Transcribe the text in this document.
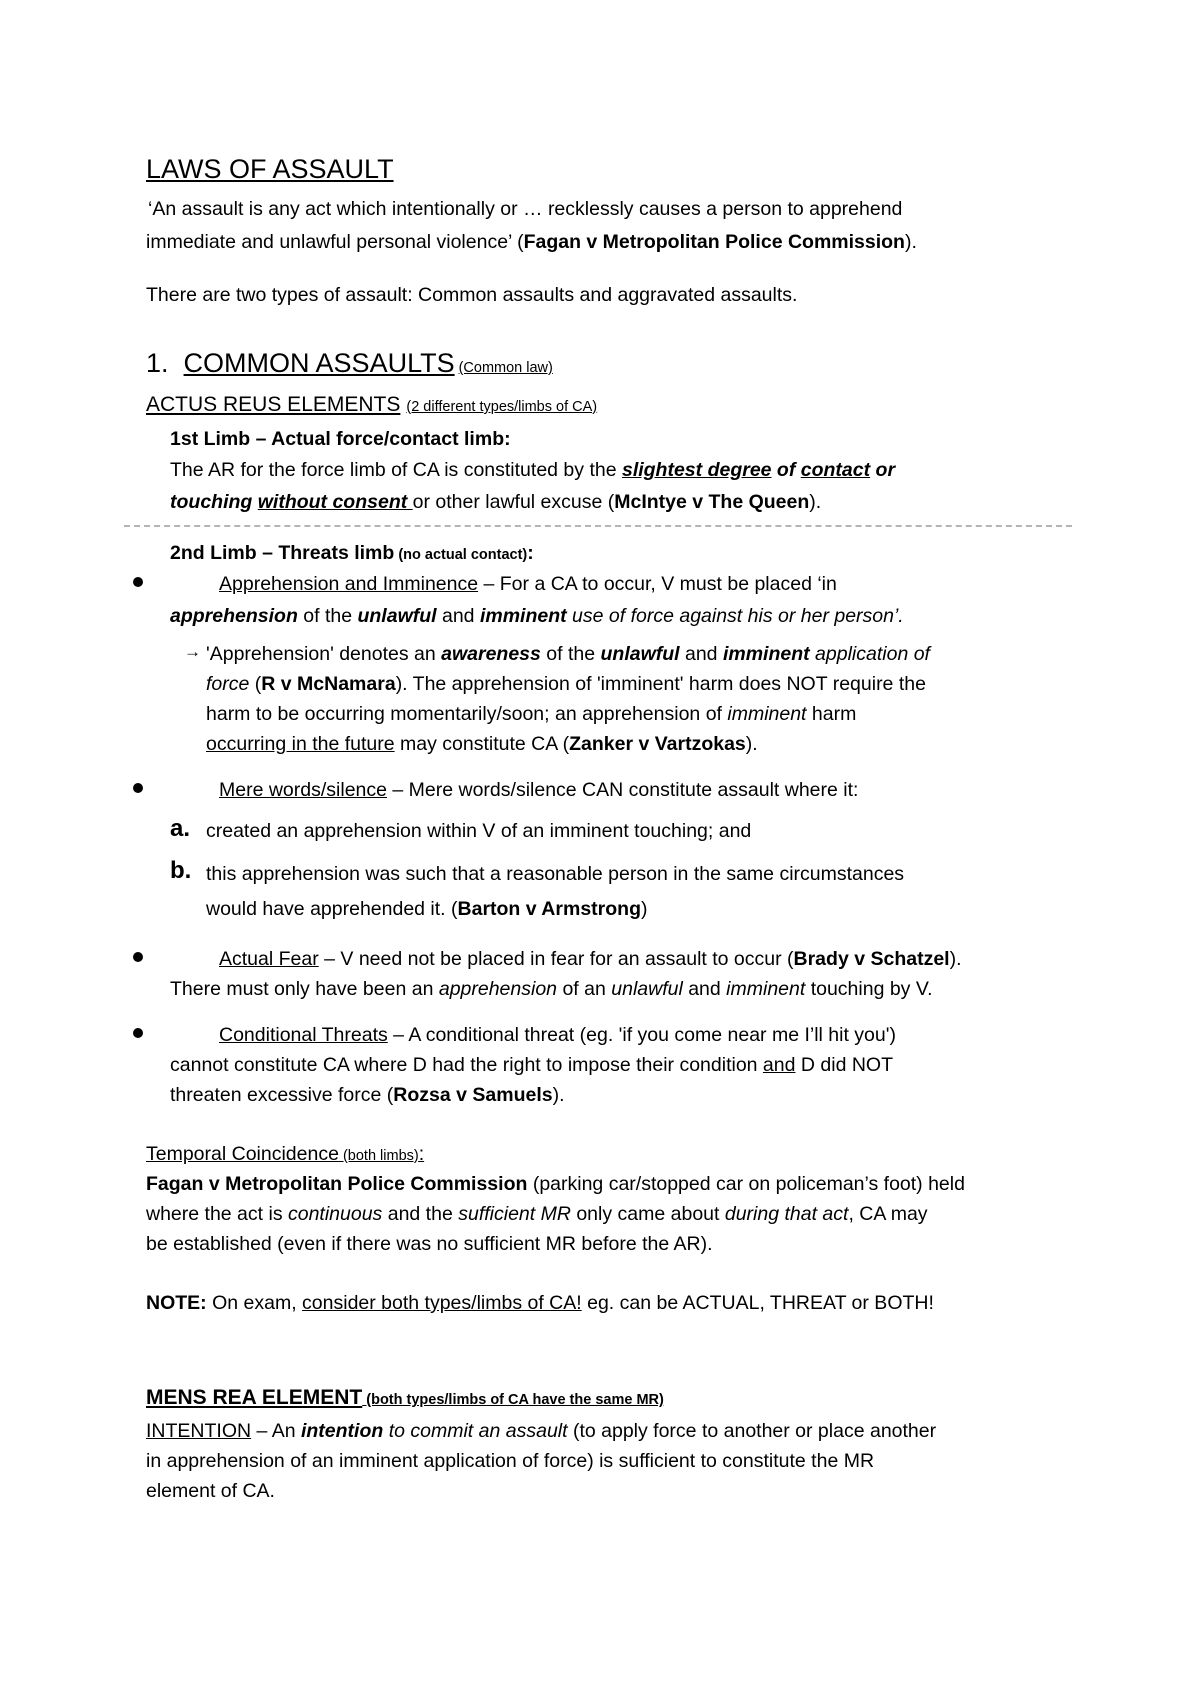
LAWS OF ASSAULT
‘An assault is any act which intentionally or … recklessly causes a person to apprehend
immediate and unlawful personal violence’ (Fagan v Metropolitan Police Commission).
There are two types of assault: Common assaults and aggravated assaults.
1. COMMON ASSAULTS (Common law)
ACTUS REUS ELEMENTS (2 different types/limbs of CA)
1st Limb – Actual force/contact limb:
The AR for the force limb of CA is constituted by the slightest degree of contact or
touching without consent or other lawful excuse (McIntye v The Queen).
2nd Limb – Threats limb (no actual contact):
Apprehension and Imminence – For a CA to occur, V must be placed ‘in
apprehension of the unlawful and imminent use of force against his or her person’.
→ 'Apprehension' denotes an awareness of the unlawful and imminent application of
force (R v McNamara). The apprehension of 'imminent' harm does NOT require the
harm to be occurring momentarily/soon; an apprehension of imminent harm
occurring in the future may constitute CA (Zanker v Vartzokas).
Mere words/silence – Mere words/silence CAN constitute assault where it:
a. created an apprehension within V of an imminent touching; and
b. this apprehension was such that a reasonable person in the same circumstances
would have apprehended it. (Barton v Armstrong)
Actual Fear – V need not be placed in fear for an assault to occur (Brady v Schatzel).
There must only have been an apprehension of an unlawful and imminent touching by V.
Conditional Threats – A conditional threat (eg. 'if you come near me I’ll hit you')
cannot constitute CA where D had the right to impose their condition and D did NOT
threaten excessive force (Rozsa v Samuels).
Temporal Coincidence (both limbs):
Fagan v Metropolitan Police Commission (parking car/stopped car on policeman’s foot) held
where the act is continuous and the sufficient MR only came about during that act, CA may
be established (even if there was no sufficient MR before the AR).
NOTE: On exam, consider both types/limbs of CA! eg. can be ACTUAL, THREAT or BOTH!
MENS REA ELEMENT (both types/limbs of CA have the same MR)
INTENTION – An intention to commit an assault (to apply force to another or place another
in apprehension of an imminent application of force) is sufficient to constitute the MR
element of CA.
